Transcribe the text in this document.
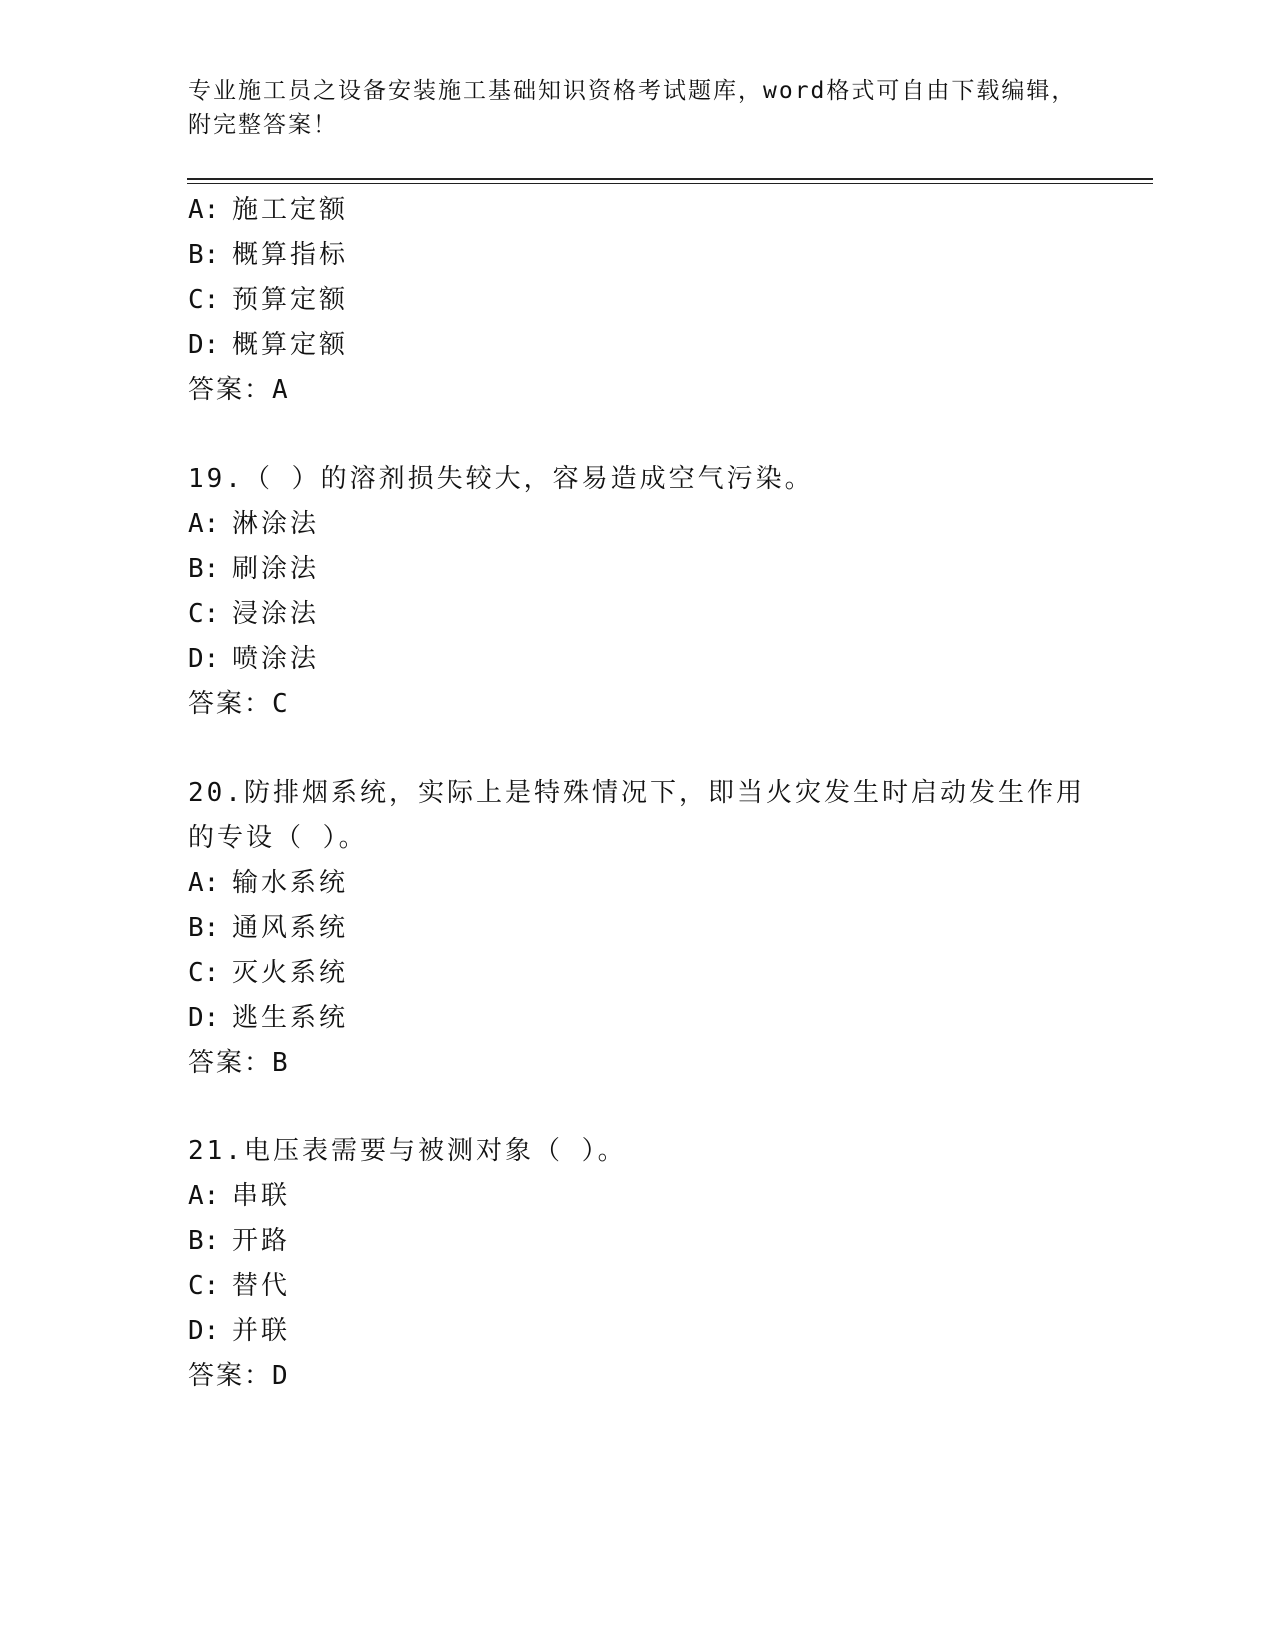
专业施工员之设备安装施工基础知识资格考试题库，word格式可自由下载编辑，
附完整答案！
A: 施工定额
B: 概算指标
C: 预算定额
D: 概算定额
答案：A
19.（ ）的溶剂损失较大，容易造成空气污染。
A: 淋涂法
B: 刷涂法
C: 浸涂法
D: 喷涂法
答案：C
20.防排烟系统，实际上是特殊情况下，即当火灾发生时启动发生作用
的专设（ ）。
A: 输水系统
B: 通风系统
C: 灭火系统
D: 逃生系统
答案：B
21.电压表需要与被测对象（ ）。
A: 串联
B: 开路
C: 替代
D: 并联
答案：D
